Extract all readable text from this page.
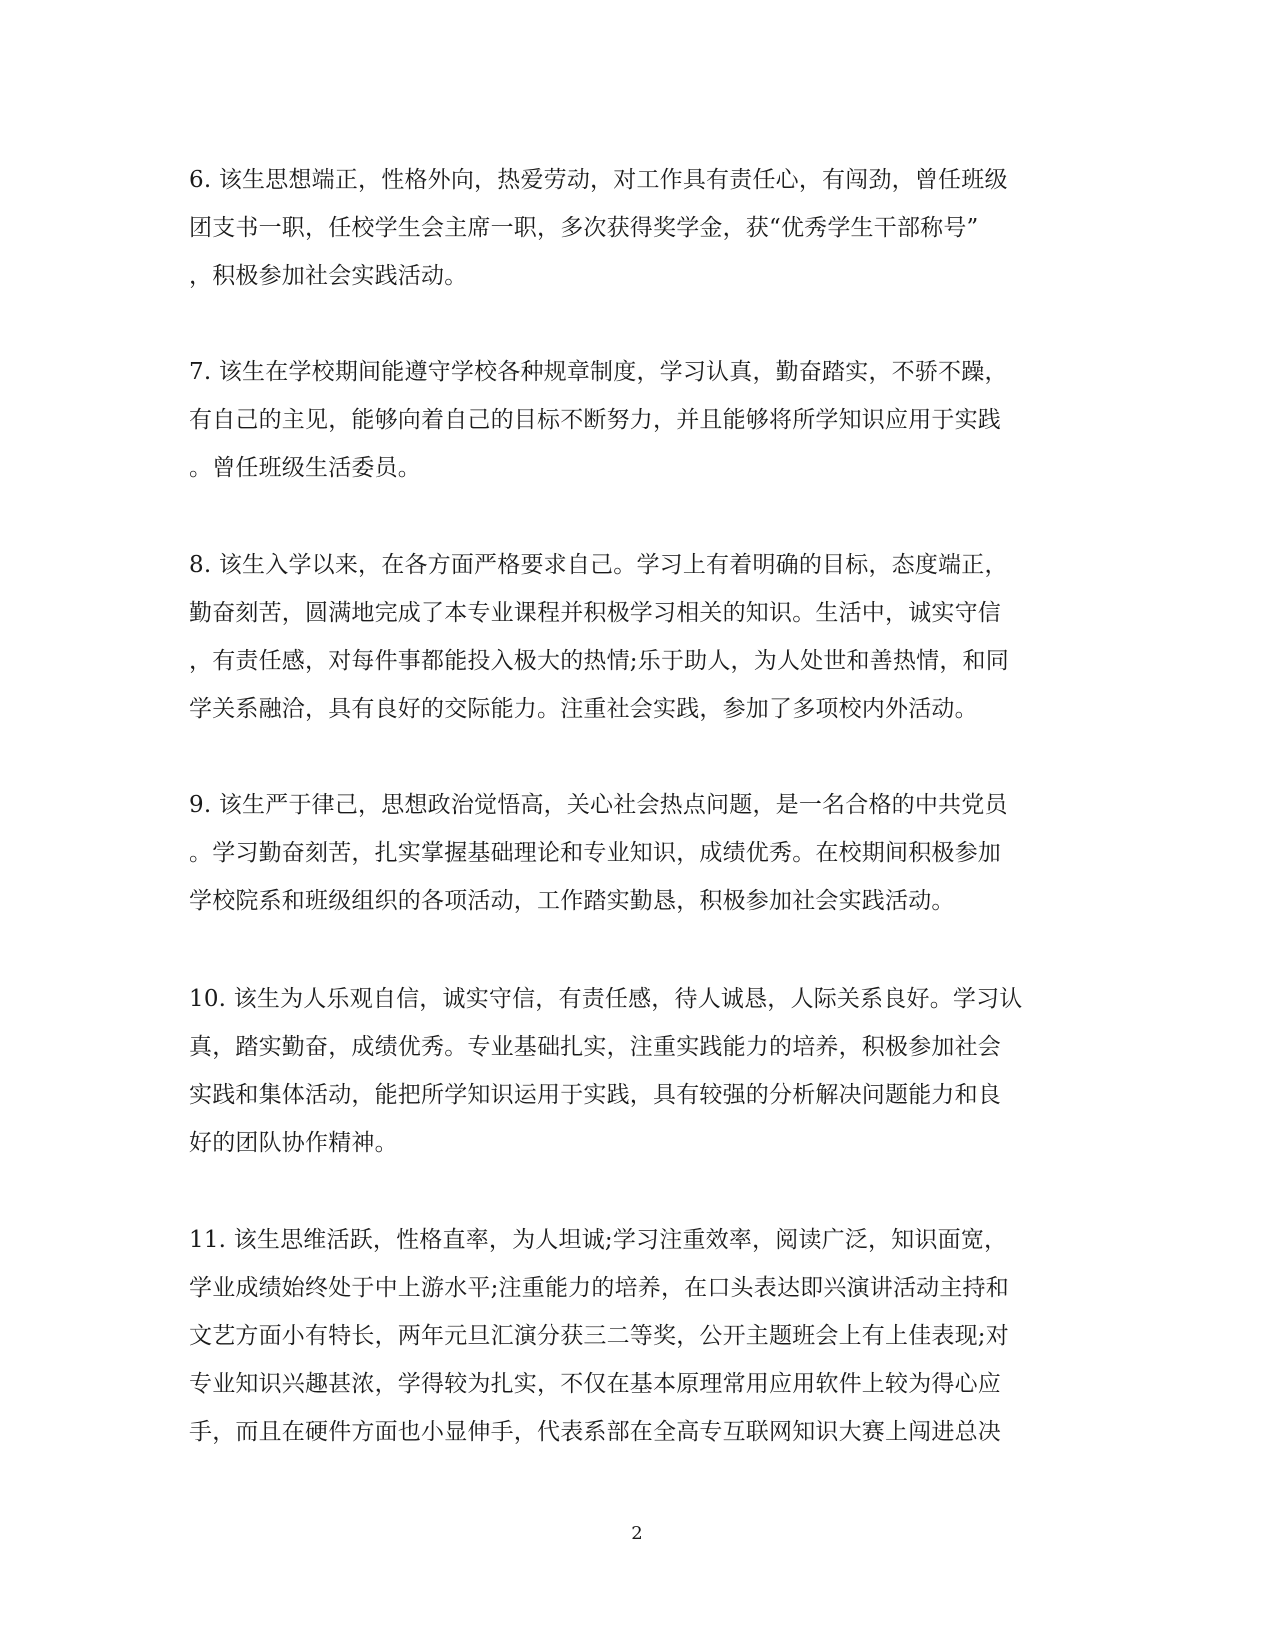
6. 该生思想端正，性格外向，热爱劳动，对工作具有责任心，有闯劲，曾任班级
团支书一职，任校学生会主席一职，多次获得奖学金，获“优秀学生干部称号”
，积极参加社会实践活动。
7. 该生在学校期间能遵守学校各种规章制度，学习认真，勤奋踏实，不骄不躁，
有自己的主见，能够向着自己的目标不断努力，并且能够将所学知识应用于实践
。曾任班级生活委员。
8. 该生入学以来，在各方面严格要求自己。学习上有着明确的目标，态度端正，
勤奋刻苦，圆满地完成了本专业课程并积极学习相关的知识。生活中，诚实守信
，有责任感，对每件事都能投入极大的热情;乐于助人，为人处世和善热情，和同
学关系融洽，具有良好的交际能力。注重社会实践，参加了多项校内外活动。
9. 该生严于律己，思想政治觉悟高，关心社会热点问题，是一名合格的中共党员
。学习勤奋刻苦，扎实掌握基础理论和专业知识，成绩优秀。在校期间积极参加
学校院系和班级组织的各项活动，工作踏实勤恳，积极参加社会实践活动。
10. 该生为人乐观自信，诚实守信，有责任感，待人诚恳，人际关系良好。学习认
真，踏实勤奋，成绩优秀。专业基础扎实，注重实践能力的培养，积极参加社会
实践和集体活动，能把所学知识运用于实践，具有较强的分析解决问题能力和良
好的团队协作精神。
11. 该生思维活跃，性格直率，为人坦诚;学习注重效率，阅读广泛，知识面宽，
学业成绩始终处于中上游水平;注重能力的培养，在口头表达即兴演讲活动主持和
文艺方面小有特长，两年元旦汇演分获三二等奖，公开主题班会上有上佳表现;对
专业知识兴趣甚浓，学得较为扎实，不仅在基本原理常用应用软件上较为得心应
手，而且在硬件方面也小显伸手，代表系部在全高专互联网知识大赛上闯进总决
2
